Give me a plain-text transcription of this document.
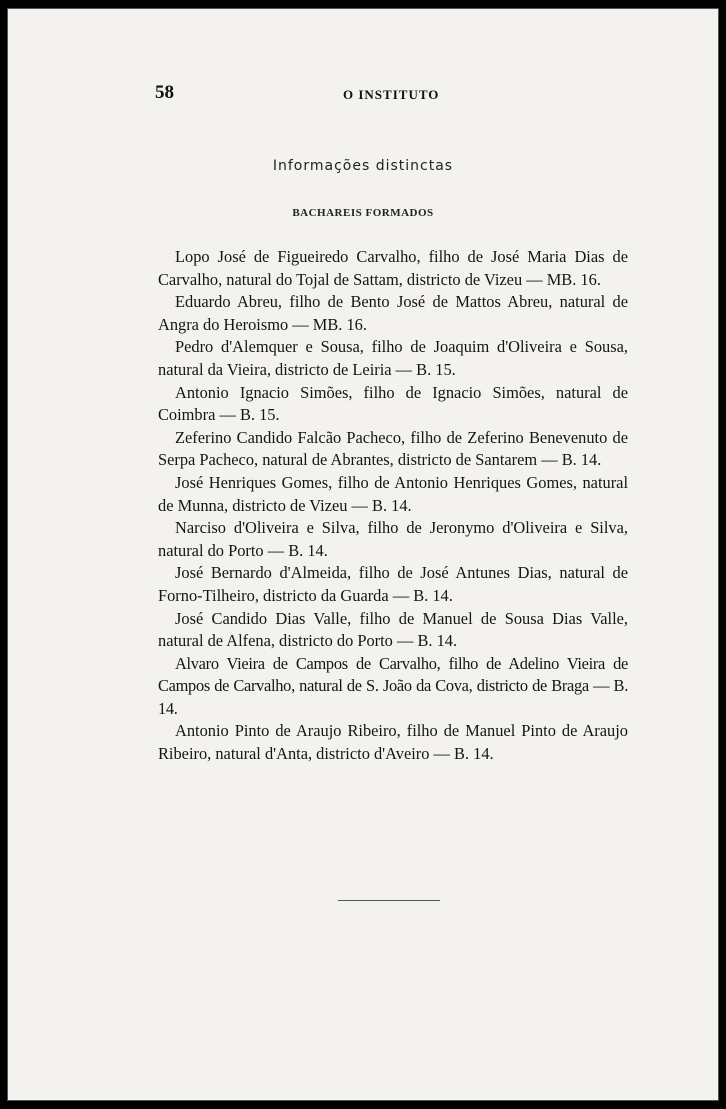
58	O INSTITUTO
Informações distinctas
BACHAREIS FORMADOS

Lopo José de Figueiredo Carvalho, filho de José Maria Dias de Carvalho, natural do Tojal de Sattam, districto de Vizeu — MB. 16.

Eduardo Abreu, filho de Bento José de Mattos Abreu, natural de Angra do Heroismo — MB. 16.

Pedro d'Alemquer e Sousa, filho de Joaquim d'Oliveira e Sousa, natural da Vieira, districto de Leiria — B. 15.

Antonio Ignacio Simões, filho de Ignacio Simões, natural de Coimbra — B. 15.

Zeferino Candido Falcão Pacheco, filho de Zeferino Benevenuto de Serpa Pacheco, natural de Abrantes, districto de Santarem — B. 14.

José Henriques Gomes, filho de Antonio Henriques Gomes, natural de Munna, districto de Vizeu — B. 14.

Narciso d'Oliveira e Silva, filho de Jeronymo d'Oliveira e Silva, natural do Porto — B. 14.

José Bernardo d'Almeida, filho de José Antunes Dias, natural de Forno-Tilheiro, districto da Guarda — B. 14.

José Candido Dias Valle, filho de Manuel de Sousa Dias Valle, natural de Alfena, districto do Porto — B. 14.

Alvaro Vieira de Campos de Carvalho, filho de Adelino Vieira de Campos de Carvalho, natural de S. João da Cova, districto de Braga — B. 14.

Antonio Pinto de Araujo Ribeiro, filho de Manuel Pinto de Araujo Ribeiro, natural d'Anta, districto d'Aveiro — B. 14.
